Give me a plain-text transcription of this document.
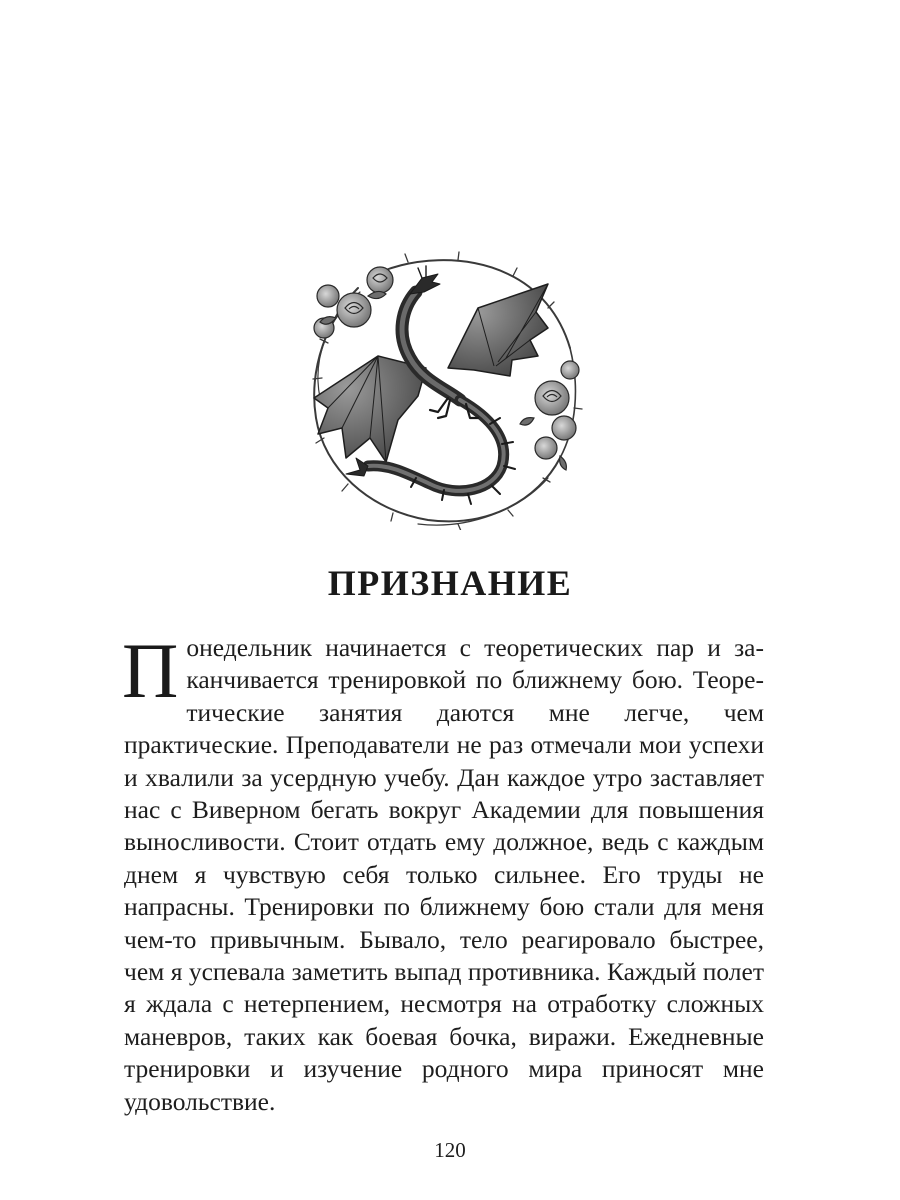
ПРИЗНАНИЕ

Понедельник начинается с теоретических пар и заканчивается тренировкой по ближнему бою. Теоретические занятия даются мне легче, чем практические. Преподаватели не раз отмечали мои успехи и хвалили за усердную учебу. Дан каждое утро заставляет нас с Виверном бегать вокруг Академии для повышения выносливости. Стоит отдать ему должное, ведь с каждым днем я чувствую себя только сильнее. Его труды не напрасны. Тренировки по ближнему бою стали для меня чем-то привычным. Бывало, тело реагировало быстрее, чем я успевала заметить выпад противника. Каждый полет я ждала с нетерпением, несмотря на отработку сложных маневров, таких как боевая бочка, виражи. Ежедневные тренировки и изучение родного мира приносят мне удовольствие.

120
